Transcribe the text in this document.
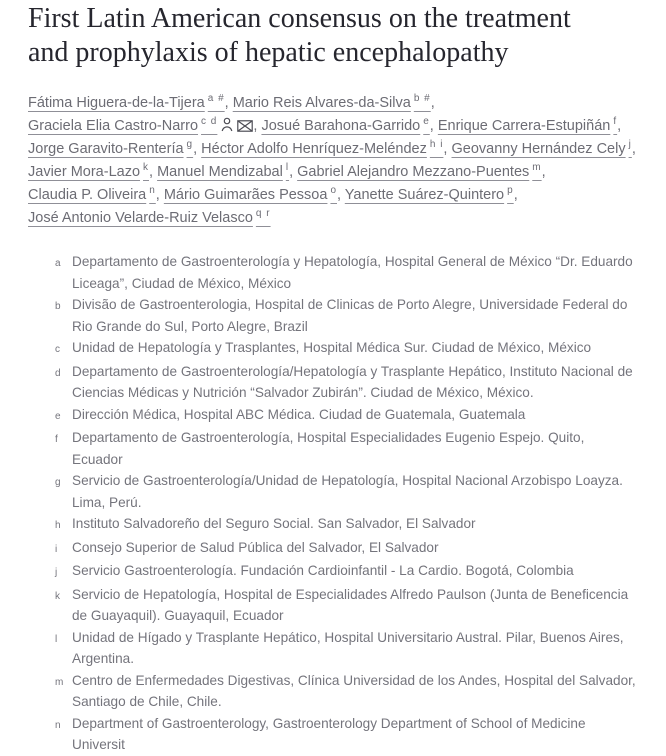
First Latin American consensus on the treatment and prophylaxis of hepatic encephalopathy
Fátima Higuera-de-la-Tijera $^{a \#}$, Mario Reis Alvares-da-Silva $^{b \#}$,
Graciela Elia Castro-Narro $^{c d}$ , Josué Barahona-Garrido $^e$, Enrique Carrera-Estupiñán $^f$,
Jorge Garavito-Rentería $^g$, Héctor Adolfo Henríquez-Meléndez $^{h i}$, Geovanny Hernández Cely $^j$,
Javier Mora-Lazo $^k$, Manuel Mendizabal $^l$, Gabriel Alejandro Mezzano-Puentes $^m$,
Claudia P. Oliveira $^n$, Mário Guimarães Pessoa $^o$, Yanette Suárez-Quintero $^p$,
José Antonio Velarde-Ruiz Velasco $^{q r}$
a Departamento de Gastroenterología y Hepatología, Hospital General de México “Dr. Eduardo Liceaga”, Ciudad de México, México
b Divisão de Gastroenterologia, Hospital de Clinicas de Porto Alegre, Universidade Federal do Rio Grande do Sul, Porto Alegre, Brazil
c Unidad de Hepatología y Trasplantes, Hospital Médica Sur. Ciudad de México, México
d Departamento de Gastroenterología/Hepatología y Trasplante Hepático, Instituto Nacional de Ciencias Médicas y Nutrición “Salvador Zubirán”. Ciudad de México, México.
e Dirección Médica, Hospital ABC Médica. Ciudad de Guatemala, Guatemala
f	Departamento de Gastroenterología, Hospital Especialidades Eugenio Espejo. Quito, Ecuador
g Servicio de Gastroenterología/Unidad de Hepatología, Hospital Nacional Arzobispo Loayza. Lima, Perú.
h Instituto Salvadoreño del Seguro Social. San Salvador, El Salvador
i	Consejo Superior de Salud Pública del Salvador, El Salvador
j	Servicio Gastroenterología. Fundación Cardioinfantil - La Cardio. Bogotá, Colombia
k Servicio de Hepatología, Hospital de Especialidades Alfredo Paulson (Junta de Beneficencia de Guayaquil). Guayaquil, Ecuador
l	Unidad de Hígado y Trasplante Hepático, Hospital Universitario Austral. Pilar, Buenos Aires, Argentina.
m Centro de Enfermedades Digestivas, Clínica Universidad de los Andes, Hospital del Salvador, Santiago de Chile, Chile.
n Department of Gastroenterology, Gastroenterology Department of School of Medicine Universit
